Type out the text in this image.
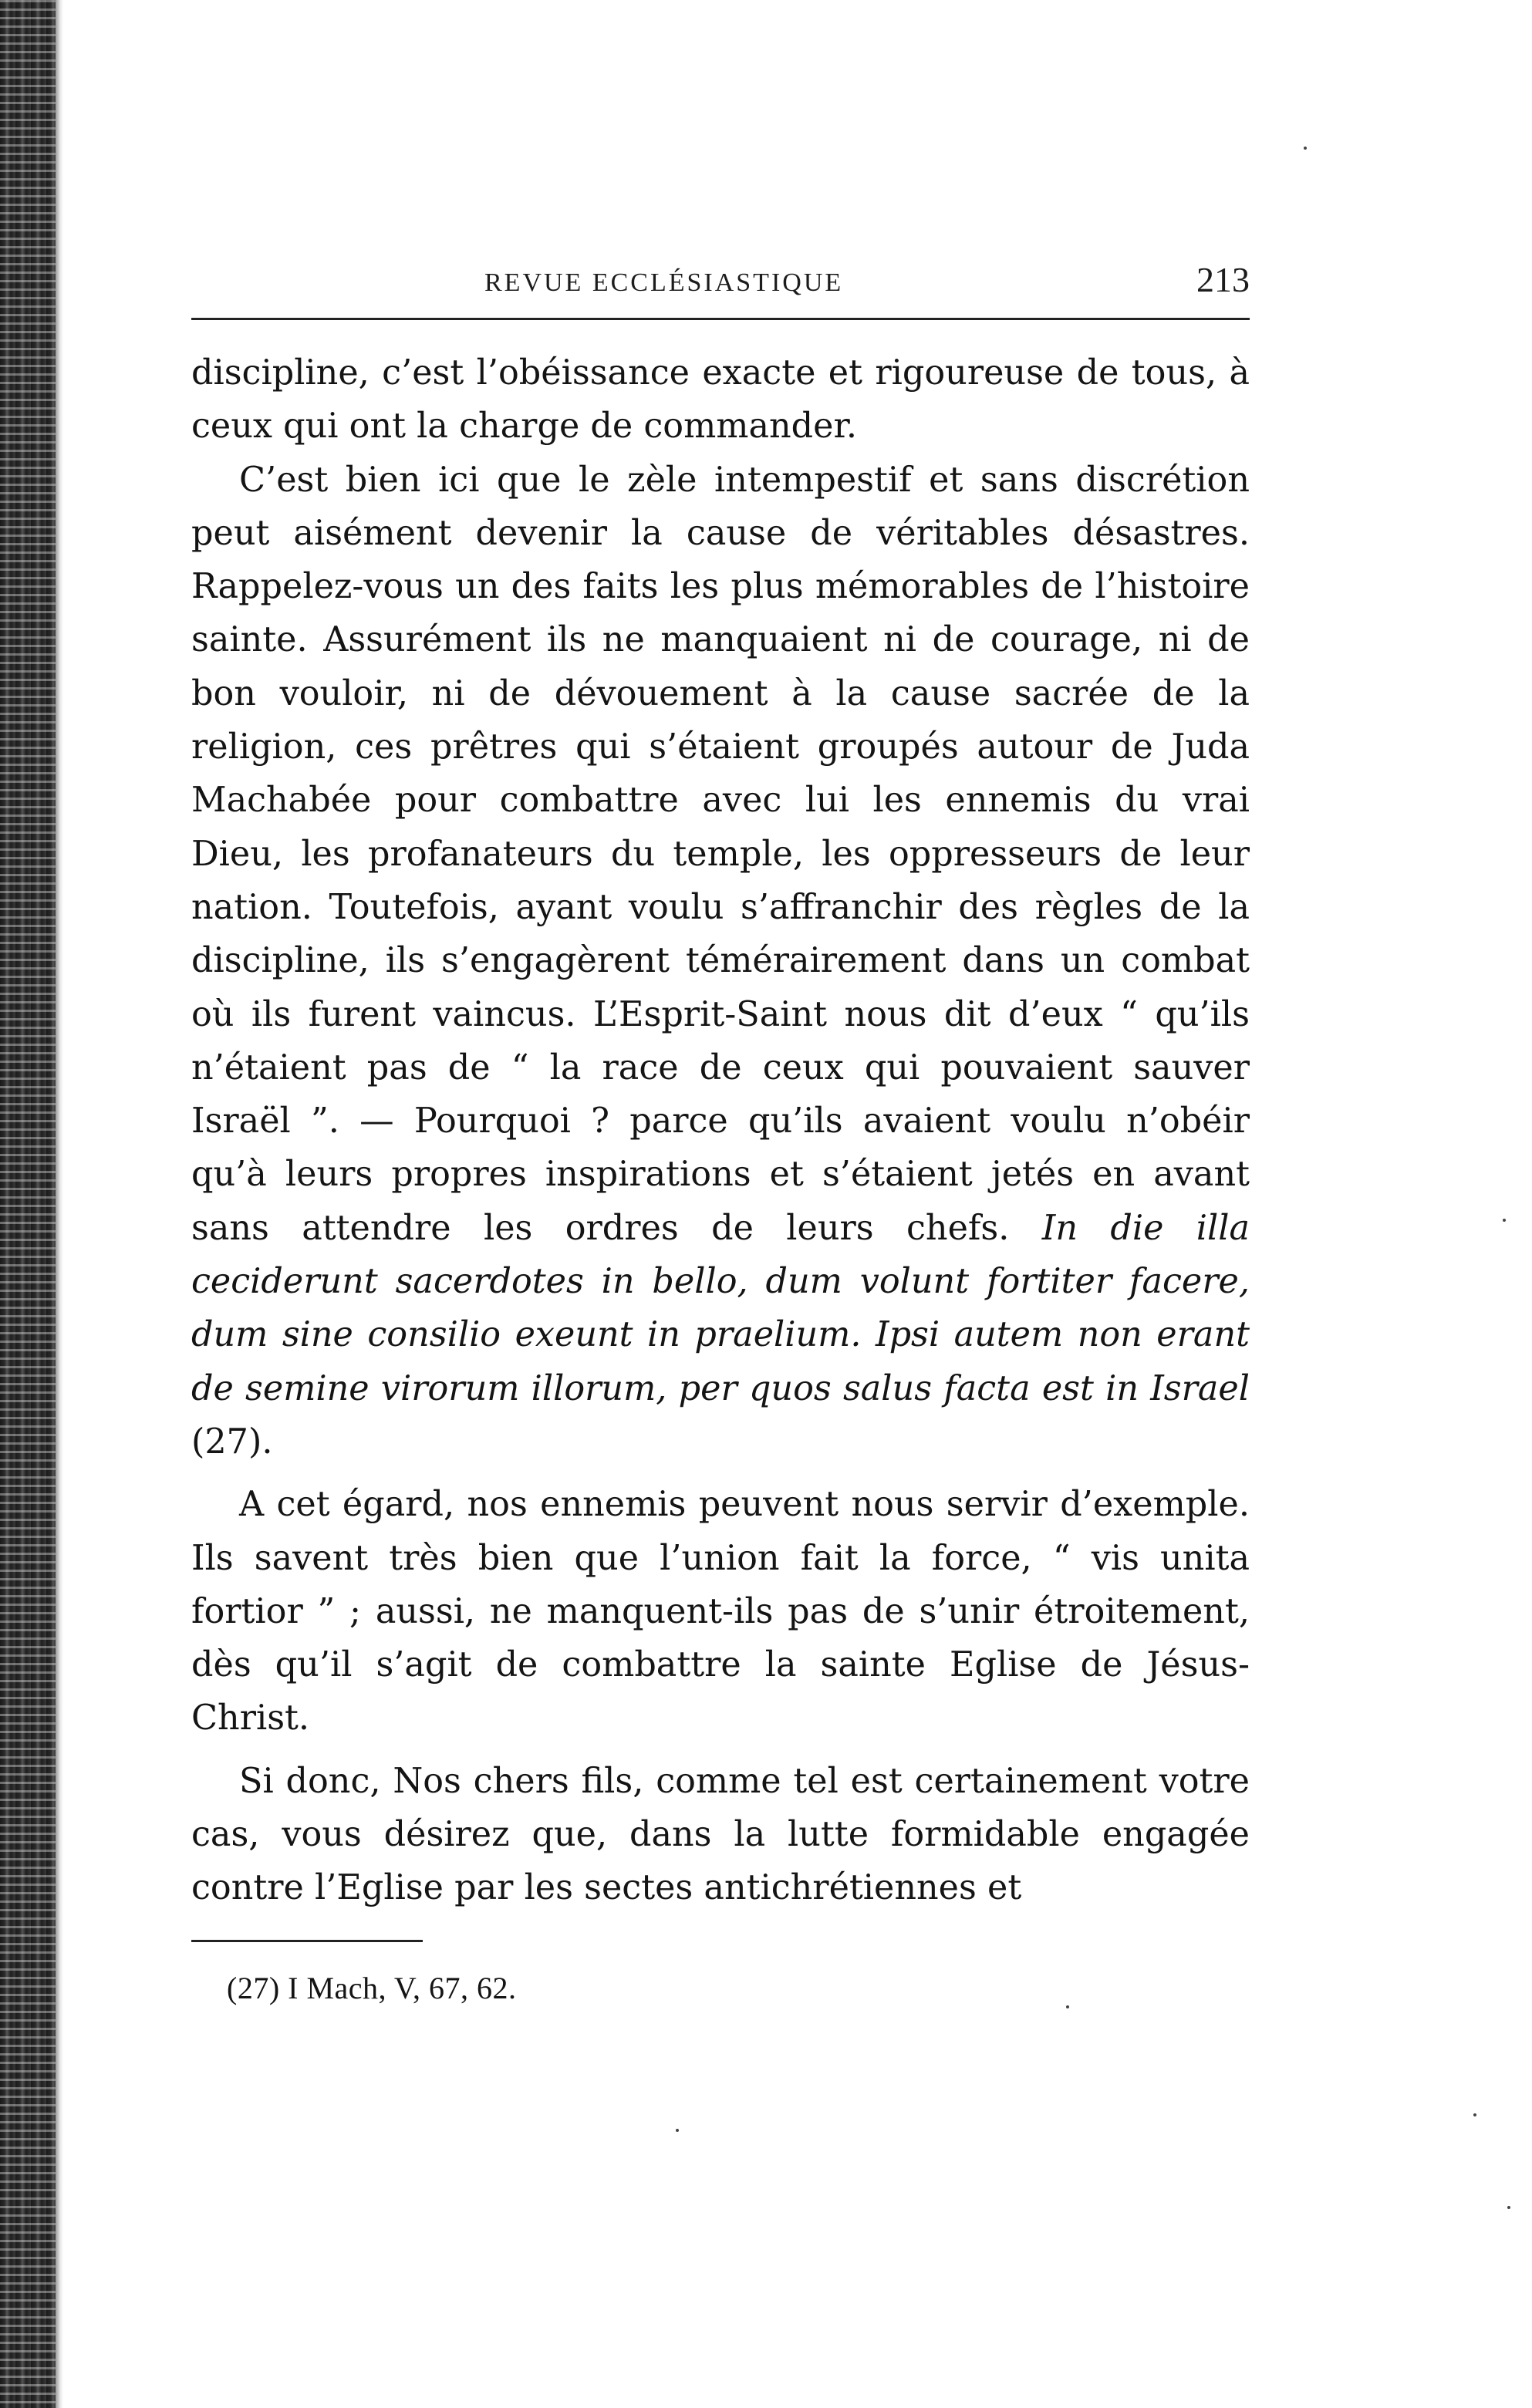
REVUE ECCLÉSIASTIQUE	213

discipline, c’est l’obéissance exacte et rigoureuse de tous, à ceux qui ont la charge de commander.

C’est bien ici que le zèle intempestif et sans discrétion peut aisément devenir la cause de véritables désastres. Rappelez-vous un des faits les plus mémorables de l’histoire sainte. Assurément ils ne manquaient ni de courage, ni de bon vouloir, ni de dévouement à la cause sacrée de la religion, ces prêtres qui s’étaient groupés autour de Juda Machabée pour combattre avec lui les ennemis du vrai Dieu, les profanateurs du temple, les oppresseurs de leur nation. Toutefois, ayant voulu s’affranchir des règles de la discipline, ils s’engagèrent témérairement dans un combat où ils furent vaincus. L’Esprit-Saint nous dit d’eux “ qu’ils n’étaient pas de “ la race de ceux qui pouvaient sauver Israël ”. — Pourquoi ? parce qu’ils avaient voulu n’obéir qu’à leurs propres inspirations et s’étaient jetés en avant sans attendre les ordres de leurs chefs. In die illa ceciderunt sacerdotes in bello, dum volunt fortiter facere, dum sine consilio exeunt in praelium. Ipsi autem non erant de semine virorum illorum, per quos salus facta est in Israel (27).

A cet égard, nos ennemis peuvent nous servir d’exemple. Ils savent très bien que l’union fait la force, “ vis unita fortior ” ; aussi, ne manquent-ils pas de s’unir étroitement, dès qu’il s’agit de combattre la sainte Eglise de Jésus-Christ.

Si donc, Nos chers fils, comme tel est certainement votre cas, vous désirez que, dans la lutte formidable engagée contre l’Eglise par les sectes antichrétiennes et

(27) I Mach, V, 67, 62.
